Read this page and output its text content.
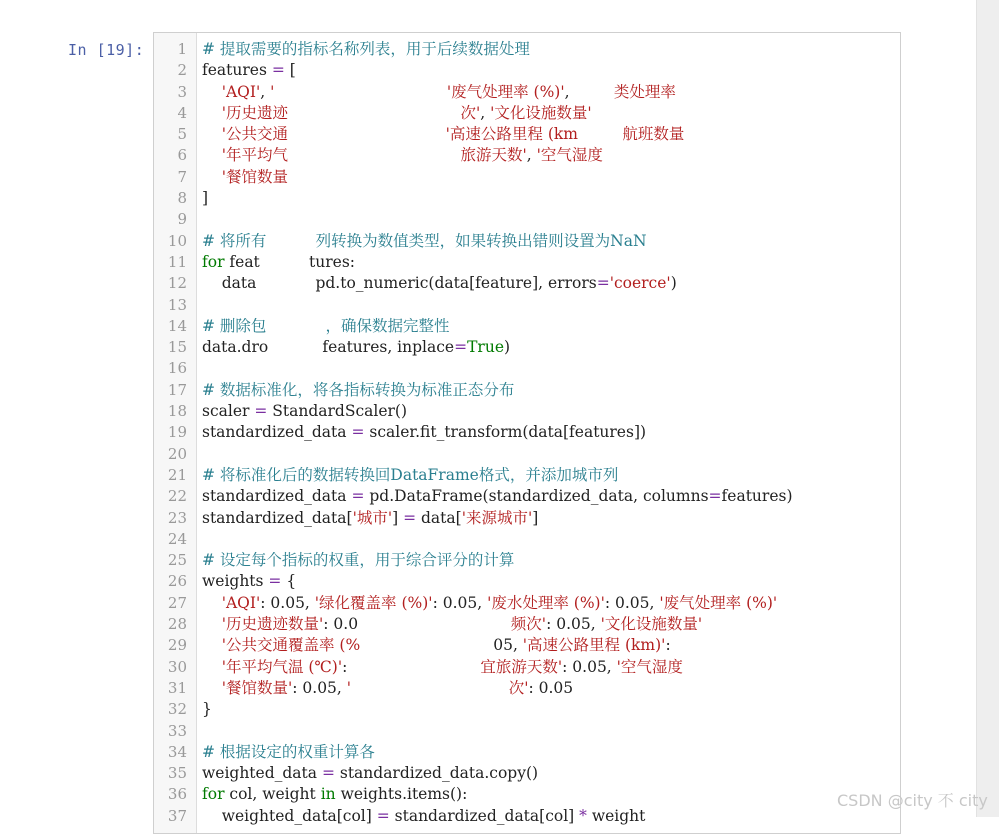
In [19]:	1 # 提取需要的指标名称列表，用于后续数据处理
2 features = [
3	'AQI', '	'废气处理率 (%)',         类处理率
4	'历史遗迹	次', '文化设施数量'
5	'公共交通	'高速公路里程 (km	航班数量
6	'年平均气	旅游天数', '空气湿度
7	'餐馆数量
8 ]
9
10 # 将所有          列转换为数值类型，如果转换出错则设置为NaN
11 for feat          tures:
12 data            pd.to_numeric(data[feature], errors='coerce')
13
14 # 删除包            ，确保数据完整性
15 data.dro           features, inplace=True)
16
17 # 数据标准化，将各指标转换为标准正态分布
18 scaler = StandardScaler()
19 standardized_data = scaler.fit_transform(data[features])
20
21 # 将标准化后的数据转换回DataFrame格式，并添加城市列
22 standardized_data = pd.DataFrame(standardized_data, columns=features)
23 standardized_data['城市'] = data['来源城市']
24
25 # 设定每个指标的权重，用于综合评分的计算
26 weights = {
27	'AQI': 0.05, '绿化覆盖率 (%)': 0.05, '废水处理率 (%)': 0.05, '废气处理率 (%)'
28	'历史遗迹数量': 0.0                               频次': 0.05, '文化设施数量'
29	'公共交通覆盖率 (%                           05, '高速公路里程 (km)':
30	'年平均气温 (℃)':                           宜旅游天数': 0.05, '空气湿度
31	'餐馆数量': 0.05, '	次': 0.05
32 }
33
34 # 根据设定的权重计算各
35 weighted_data = standardized_data.copy()
36 for col, weight in weights.items():
37 weighted_data[col] = standardized_data[col] * weight
CSDN @city 不 city
